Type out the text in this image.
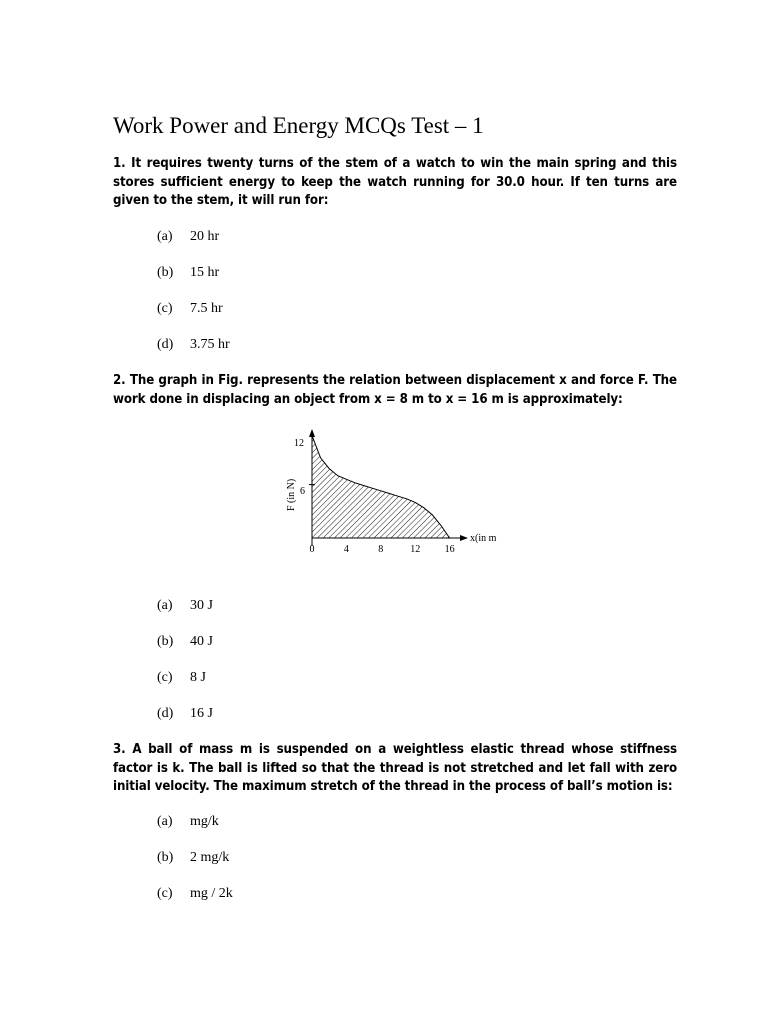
Work Power and Energy MCQs Test – 1
1. It requires twenty turns of the stem of a watch to win the main spring and this stores sufficient energy to keep the watch running for 30.0 hour. If ten turns are given to the stem, it will run for:
(a) 20 hr
(b) 15 hr
(c) 7.5 hr
(d) 3.75 hr
2. The graph in Fig. represents the relation between displacement x and force F. The work done in displacing an object from x = 8 m to x = 16 m is approximately:
12
6
F (in N)
x(in m
0	4	8	12 16
(a) 30 J
(b) 40 J
(c) 8 J
(d) 16 J
3. A ball of mass m is suspended on a weightless elastic thread whose stiffness factor is k. The ball is lifted so that the thread is not stretched and let fall with zero initial velocity. The maximum stretch of the thread in the process of ball’s motion is:
(a) mg/k
(b) 2 mg/k
(c) mg / 2k
